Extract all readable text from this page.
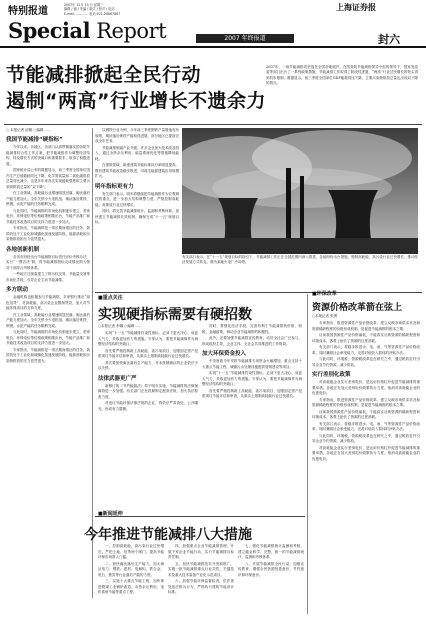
特别报道
2007年 12月 13 日 星期三
编辑 / 谢 / 美编 / 版式 / 校对 / 电话
E-mail: ............ 电话:021-28867867
Special Report
上海证券报
2007 年终报道	封六
节能减排掀起全民行动
遏制“两高”行业增长不遗余力
2007年，一场节能减排攻坚战在全国各地展开。在国务院节能减排领导小组的领导下，国家发改委等部门出台了一系列政策措施，节能减排工作取得了阶段性进展，“两高”行业过快增长的势头得到初步遏制。数据显示，前三季度全国单位GDP能耗同比下降，主要污染物排放总量也出现双下降的拐点。
○ 本报记者 邱敏 ○编辑 ……
我国节能减排“硬指标”

今年以来，各地区、各部门认真贯彻落实国务院节能减排综合性工作方案，把节能减排作为调整经济结构、转变增长方式的突破口和重要抓手，取得了积极进展。

国家统计局公布的数据显示，前三季度全国单位国内生产总值能耗同比下降，化学需氧量和二氧化硫排放总量同比减少。这是多年来首次实现能耗强度和主要污染物排放总量的“双下降”。

在工业领域，高耗能行业增速明显回落，淘汰落后产能力度加大。全年关停小火电机组、淘汰落后炼铁、炼钢、水泥产能的任务顺利完成。

与此同时，节能减排的市场化机制逐步建立，差别电价、环保电价等价格政策相继出台，节能产品推广和节能技术改造项目的支持力度进一步加大。

专家指出，节能减排是一项长期而艰巨的任务，我国仍处于工业化和城镇化加速发展阶段，能源消耗和污染物排放的压力依然很大。

各地创新机制

各省市纷纷出台节能减排目标责任评价考核办法，实行“一票否决”制，将节能减排指标完成情况纳入领导干部综合考核体系。

一些地方还探索建立了排污权交易、节能量交易等市场化手段，引导企业主动节能减排。

多方联动

金融机构也积极参与节能减排，多家银行推出“绿色信贷”，对高耗能、高污染企业限制贷款，加大对节能环保项目的支持力度。

在工业领域，高耗能行业增速明显回落，淘汰落后产能力度加大。全年关停小火电机组、淘汰落后炼铁、炼钢、水泥产能的任务顺利完成。

与此同时，节能减排的市场化机制逐步建立，差别电价、环保电价等价格政策相继出台，节能产品推广和节能技术改造项目的支持力度进一步加大。

专家指出，节能减排是一项长期而艰巨的任务，我国仍处于工业化和城镇化加速发展阶段，能源消耗和污染物排放的压力依然很大。

以钢铁行业为例，今年前三季度钢铁产量增速有所放缓，淘汰落后炼铁产能取得进展，部分地区已提前完成全年任务。

节能减排倒逼产业升级，许多企业加大技术改造投入，通过余热余压利用、能量系统优化等措施降低能耗。

在建筑领域，新建建筑节能标准执行率明显提高，既有建筑节能改造稳步推进，可再生能源建筑应用规模扩大。

明年指标更有力

有关部门表示，明年将继续把节能减排作为宏观调控的重点，进一步加大结构调整力度，严格控制高耗能、高排放行业过快增长。

同时，将完善节能减排统计、监测和考核体系，加快建立节能减排长效机制，确保完成“十一五”规划目标。

有关部门表示，在“十一五”规划目标的指引下，节能减排工作正在全国范围内深入推进，各地纷纷出台措施，遏制高耗能、高污染行业过快增长，推动经济发展方式转变。图为某地火电厂冷却塔。
■重点关注
实现硬指标需要有硬招数
○本报记者 李娜 ○编辑 ……

实现“十一五”节能减排约束性指标，必须下更大决心、用更大气力，采取更加有力的措施。专家认为，要把节能减排作为调整经济结构的突破口。

首先要严格控制新上高耗能、高污染项目，加强固定资产投资项目节能评估和审查，从源头上遏制高耗能行业过快增长。

其次要加快淘汰落后生产能力，对未按期淘汰的企业依法予以关停。

法律武器更广严

新修订的《节约能源法》将于明年实施，节能减排的法律保障将进一步加强。有关部门正在抓紧制定配套法规，加大执法检查力度。

对违反节能环保法律法规的企业，将依法严肃查处，公开曝光，形成有力震慑。

同时，要强化经济手段，完善有利于节能减排的价格、财税、金融政策，调动企业节能减排的积极性。

此外，还要加强节能减排宣传教育，动员全社会广泛参与，形成政府主导、企业主体、全社会共同推进的工作格局。

加大环保资金投入

中央财政今年安排节能减排专项资金大幅增加，重点支持十大重点节能工程、城镇污水处理设施配套管网建设等项目。

实现“十一五”节能减排约束性指标，必须下更大决心、用更大气力，采取更加有力的措施。专家认为，要把节能减排作为调整经济结构的突破口。

首先要严格控制新上高耗能、高污染项目，加强固定资产投资项目节能评估和审查，从源头上遏制高耗能行业过快增长。

■环保改革
资源价格改革箭在弦上
○本报记者 张勇

专家指出，推进资源性产品价格改革，建立反映市场供求状况和资源稀缺程度的价格形成机制，是促进节能减排的根本之策。

目前我国资源性产品价格偏低，不能真实反映资源的稀缺程度和环境成本，客观上助长了资源的过度消耗。

有关部门表示，将稳步推进水、电、油、气等资源性产品价格改革，同时兼顾社会承受能力，完善对低收入群体的补贴办法。

与此同时，环境税、资源税改革也在研究之中，通过税收杠杆引导企业节约资源、减少排放。

实行差别化政策

对高耗能企业实行差别电价，是运用价格杠杆促进节能减排的重要举措。各地正在加大差别电价政策执行力度，取消对高耗能企业的优惠电价。

专家指出，推进资源性产品价格改革，建立反映市场供求状况和资源稀缺程度的价格形成机制，是促进节能减排的根本之策。

目前我国资源性产品价格偏低，不能真实反映资源的稀缺程度和环境成本，客观上助长了资源的过度消耗。

有关部门表示，将稳步推进水、电、油、气等资源性产品价格改革，同时兼顾社会承受能力，完善对低收入群体的补贴办法。

与此同时，环境税、资源税改革也在研究之中，通过税收杠杆引导企业节约资源、减少排放。

对高耗能企业实行差别电价，是运用价格杠杆促进节能减排的重要举措。各地正在加大差别电价政策执行力度，取消对高耗能企业的优惠电价。

■新闻延伸
今年推进节能减排八大措施

一、控制高耗能、高污染行业过快增长，严把土地、信贷两个闸门，提高节能环保市场准入门槛。

二、加快淘汰落后生产能力，加大淘汰电力、钢铁、建材、电解铝、铁合金、电石、焦炭等行业落后产能的力度。

三、实施十大重点节能工程，加快推进燃煤工业锅炉改造、余热余压利用、电机系统节能等重点工程。

四、加强重点企业节能减排管理，开展千家企业节能行动，实行节能减排目标责任制。

五、加快节能减排技术开发和推广，实施一批节能减排重点行业共性、关键技术及重大技术装备产业化示范项目。

六、加强节能环保监督检查，依法查处违法排污行为，严格执行建筑节能设计标准。

七、强化节能减排统计监测和考核，建立健全科学、完整、统一的节能减排统计、监测和考核体系。

八、开展节能减排全民行动，加强宣传教育，增强全民资源忧患意识、节约意识和环保意识。
